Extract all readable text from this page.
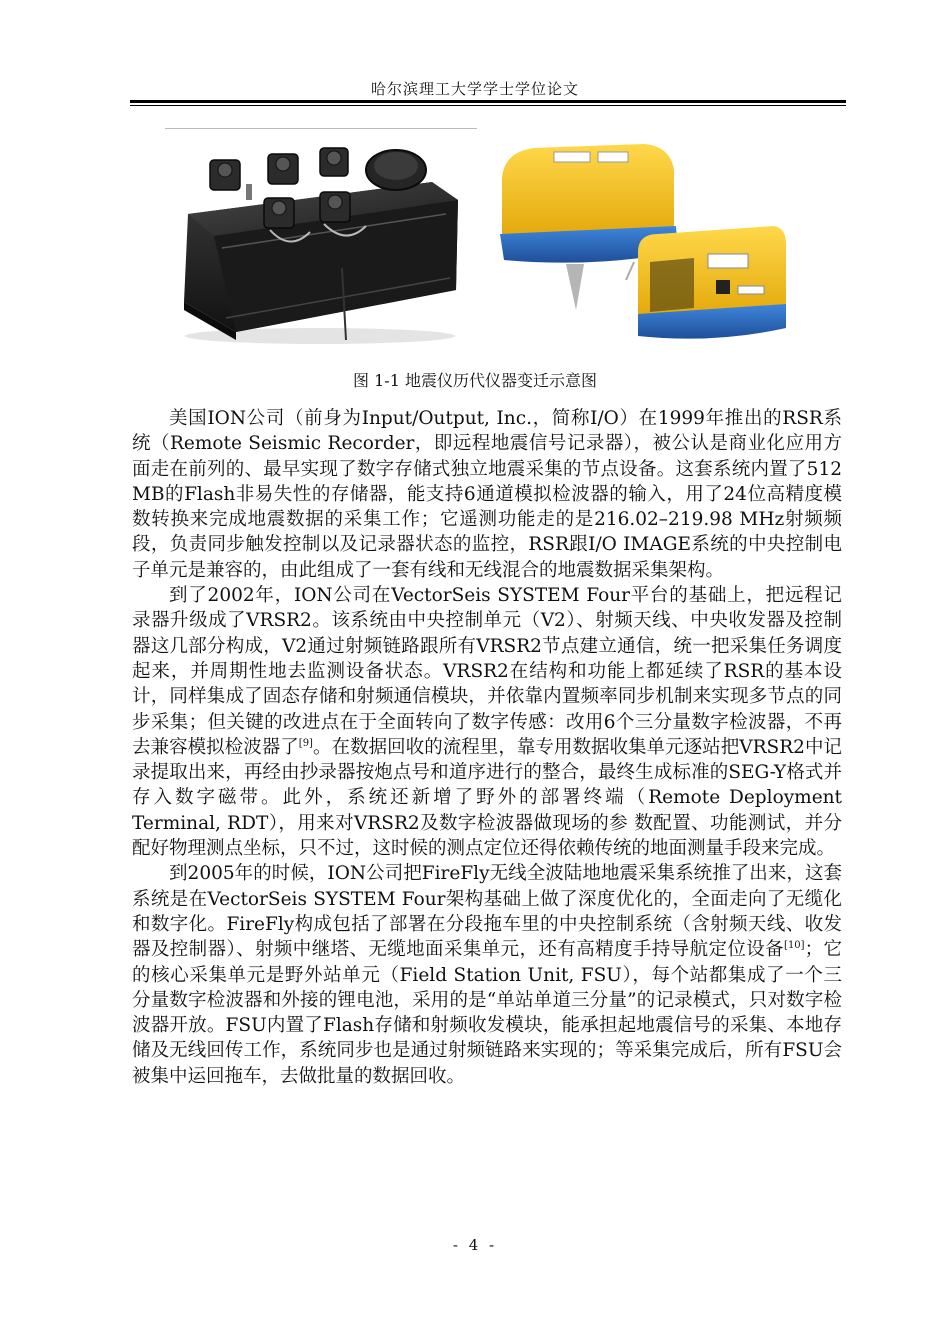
哈尔滨理工大学学士学位论文
图 1-1 地震仪历代仪器变迁示意图

美国ION公司（前身为Input/Output, Inc.，简称I/O）在1999年推出的RSR系统（Remote Seismic Recorder，即远程地震信号记录器），被公认是商业化应用方面走在前列的、最早实现了数字存储式独立地震采集的节点设备。这套系统内置了512 MB的Flash非易失性的存储器，能支持6通道模拟检波器的输入，用了24位高精度模数转换来完成地震数据的采集工作；它遥测功能走的是216.02–219.98 MHz射频频段，负责同步触发控制以及记录器状态的监控，RSR跟I/O IMAGE系统的中央控制电子单元是兼容的，由此组成了一套有线和无线混合的地震数据采集架构。

到了2002年，ION公司在VectorSeis SYSTEM Four平台的基础上，把远程记录器升级成了VRSR2。该系统由中央控制单元（V2）、射频天线、中央收发器及控制器这几部分构成，V2通过射频链路跟所有VRSR2节点建立通信，统一把采集任务调度起来，并周期性地去监测设备状态。VRSR2在结构和功能上都延续了RSR的基本设计，同样集成了固态存储和射频通信模块，并依靠内置频率同步机制来实现多节点的同步采集；但关键的改进点在于全面转向了数字传感：改用6个三分量数字检波器，不再去兼容模拟检波器了[9]。在数据回收的流程里，靠专用数据收集单元逐站把VRSR2中记录提取出来，再经由抄录器按炮点号和道序进行的整合，最终生成标准的SEG-Y格式并存入数字磁带。此外，系统还新增了野外的部署终端（Remote Deployment Terminal, RDT），用来对VRSR2及数字检波器做现场的参 数配置、功能测试，并分配好物理测点坐标，只不过，这时候的测点定位还得依赖传统的地面测量手段来完成。

到2005年的时候，ION公司把FireFly无线全波陆地地震采集系统推了出来，这套系统是在VectorSeis SYSTEM Four架构基础上做了深度优化的，全面走向了无缆化和数字化。FireFly构成包括了部署在分段拖车里的中央控制系统（含射频天线、收发器及控制器）、射频中继塔、无缆地面采集单元，还有高精度手持导航定位设备[10]；它的核心采集单元是野外站单元（Field Station Unit, FSU），每个站都集成了一个三分量数字检波器和外接的锂电池，采用的是“单站单道三分量”的记录模式，只对数字检波器开放。FSU内置了Flash存储和射频收发模块，能承担起地震信号的采集、本地存储及无线回传工作，系统同步也是通过射频链路来实现的；等采集完成后，所有FSU会被集中运回拖车，去做批量的数据回收。

- 4 -
